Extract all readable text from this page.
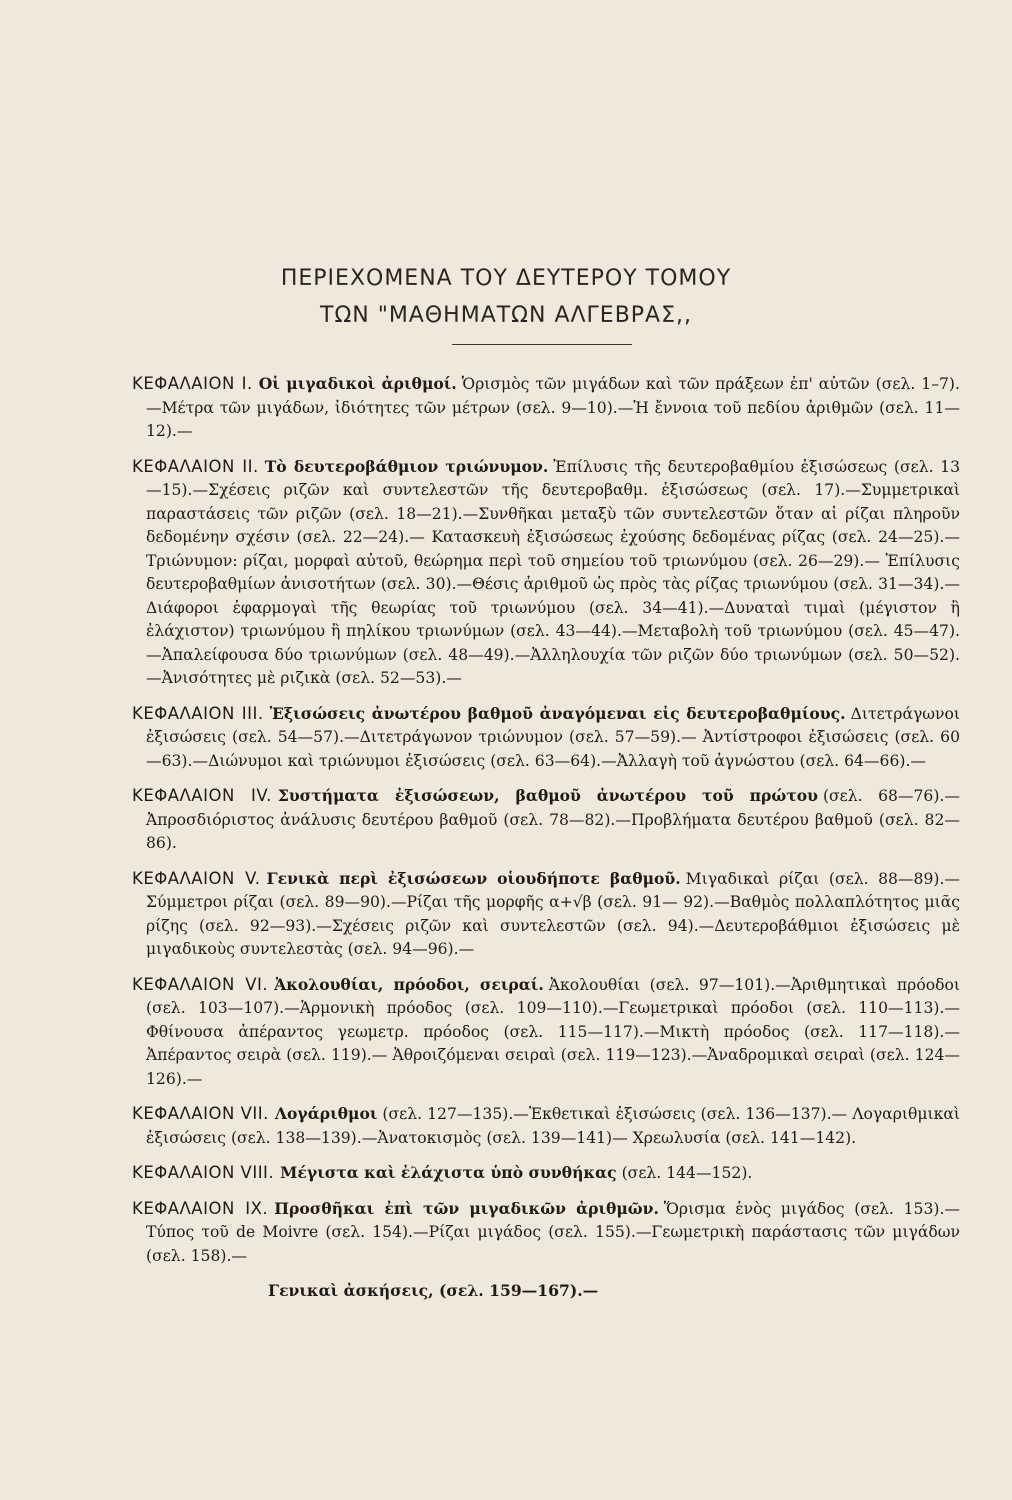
ΠΕΡΙΕΧΟΜΕΝΑ ΤΟΥ ΔΕΥΤΕΡΟΥ ΤΟΜΟΥ
ΤΩΝ "ΜΑΘΗΜΑΤΩΝ ΑΛΓΕΒΡΑΣ,,

ΚΕΦΑΛΑΙΟΝ Ι. Οἱ μιγαδικοὶ ἀριθμοί. Ὁρισμὸς τῶν μιγάδων καὶ τῶν πράξεων ἐπ' αὐτῶν (σελ. 1–7).—Μέτρα τῶν μιγάδων, ἰδιότητες τῶν μέτρων (σελ. 9—10).—Ἡ ἔννοια τοῦ πεδίου ἀριθμῶν (σελ. 11—12).—

ΚΕΦΑΛΑΙΟΝ ΙΙ. Τὸ δευτεροβάθμιον τριώνυμον. Ἐπίλυσις τῆς δευτεροβαθμίου ἐξισώσεως (σελ. 13—15).—Σχέσεις ριζῶν καὶ συντελεστῶν τῆς δευτεροβαθμ. ἐξισώσεως (σελ. 17).—Συμμετρικαὶ παραστάσεις τῶν ριζῶν (σελ. 18—21).—Συνθῆκαι μεταξὺ τῶν συντελεστῶν ὅταν αἱ ρίζαι πληροῦν δεδομένην σχέσιν (σελ. 22—24).— Κατασκευὴ ἐξισώσεως ἐχούσης δεδομένας ρίζας (σελ. 24—25).—Τριώνυμον: ρίζαι, μορφαὶ αὐτοῦ, θεώρημα περὶ τοῦ σημείου τοῦ τριωνύμου (σελ. 26—29).— Ἐπίλυσις δευτεροβαθμίων ἀνισοτήτων (σελ. 30).—Θέσις ἀριθμοῦ ὡς πρὸς τὰς ρίζας τριωνύμου (σελ. 31—34).—Διάφοροι ἐφαρμογαὶ τῆς θεωρίας τοῦ τριωνύμου (σελ. 34—41).—Δυναταὶ τιμαὶ (μέγιστον ἢ ἐλάχιστον) τριωνύμου ἢ πηλίκου τριωνύμων (σελ. 43—44).—Μεταβολὴ τοῦ τριωνύμου (σελ. 45—47).—Ἀπαλείφουσα δύο τριωνύμων (σελ. 48—49).—Ἀλληλουχία τῶν ριζῶν δύο τριωνύμων (σελ. 50—52).—Ἀνισότητες μὲ ριζικὰ (σελ. 52—53).—

ΚΕΦΑΛΑΙΟΝ ΙΙΙ. Ἐξισώσεις ἀνωτέρου βαθμοῦ ἀναγόμεναι εἰς δευτεροβαθμίους. Διτετράγωνοι ἐξισώσεις (σελ. 54—57).—Διτετράγωνον τριώνυμον (σελ. 57—59).— Ἀντίστροφοι ἐξισώσεις (σελ. 60—63).—Διώνυμοι καὶ τριώνυμοι ἐξισώσεις (σελ. 63—64).—Ἀλλαγὴ τοῦ ἀγνώστου (σελ. 64—66).—

ΚΕΦΑΛΑΙΟΝ ΙV. Συστήματα ἐξισώσεων, βαθμοῦ ἀνωτέρου τοῦ πρώτου (σελ. 68—76).— Ἀπροσδιόριστος ἀνάλυσις δευτέρου βαθμοῦ (σελ. 78—82).—Προβλήματα δευτέρου βαθμοῦ (σελ. 82—86).

ΚΕΦΑΛΑΙΟΝ V. Γενικὰ περὶ ἐξισώσεων οἱουδήποτε βαθμοῦ. Μιγαδικαὶ ρίζαι (σελ. 88—89).—Σύμμετροι ρίζαι (σελ. 89—90).—Ρίζαι τῆς μορφῆς α+√β (σελ. 91— 92).—Βαθμὸς πολλαπλότητος μιᾶς ρίζης (σελ. 92—93).—Σχέσεις ριζῶν καὶ συντελεστῶν (σελ. 94).—Δευτεροβάθμιοι ἐξισώσεις μὲ μιγαδικοὺς συντελεστὰς (σελ. 94—96).—

ΚΕΦΑΛΑΙΟΝ VΙ. Ἀκολουθίαι, πρόοδοι, σειραί. Ἀκολουθίαι (σελ. 97—101).—Ἀριθμητικαὶ πρόοδοι (σελ. 103—107).—Ἁρμονικὴ πρόοδος (σελ. 109—110).—Γεωμετρικαὶ πρόοδοι (σελ. 110—113).—Φθίνουσα ἀπέραντος γεωμετρ. πρόοδος (σελ. 115—117).—Μικτὴ πρόοδος (σελ. 117—118).—Ἀπέραντος σειρὰ (σελ. 119).— Ἀθροιζόμεναι σειραὶ (σελ. 119—123).—Ἀναδρομικαὶ σειραὶ (σελ. 124—126).—

ΚΕΦΑΛΑΙΟΝ VΙΙ. Λογάριθμοι (σελ. 127—135).—Ἐκθετικαὶ ἐξισώσεις (σελ. 136—137).— Λογαριθμικαὶ ἐξισώσεις (σελ. 138—139).—Ἀνατοκισμὸς (σελ. 139—141)— Χρεωλυσία (σελ. 141—142).

ΚΕΦΑΛΑΙΟΝ VΙΙΙ. Μέγιστα καὶ ἐλάχιστα ὑπὸ συνθήκας (σελ. 144—152).

ΚΕΦΑΛΑΙΟΝ ΙΧ. Προσθῆκαι ἐπὶ τῶν μιγαδικῶν ἀριθμῶν. Ὅρισμα ἑνὸς μιγάδος (σελ. 153).—Τύπος τοῦ de Moivre (σελ. 154).—Ρίζαι μιγάδος (σελ. 155).—Γεωμετρικὴ παράστασις τῶν μιγάδων (σελ. 158).—

Γενικαὶ ἀσκήσεις, (σελ. 159—167).—
